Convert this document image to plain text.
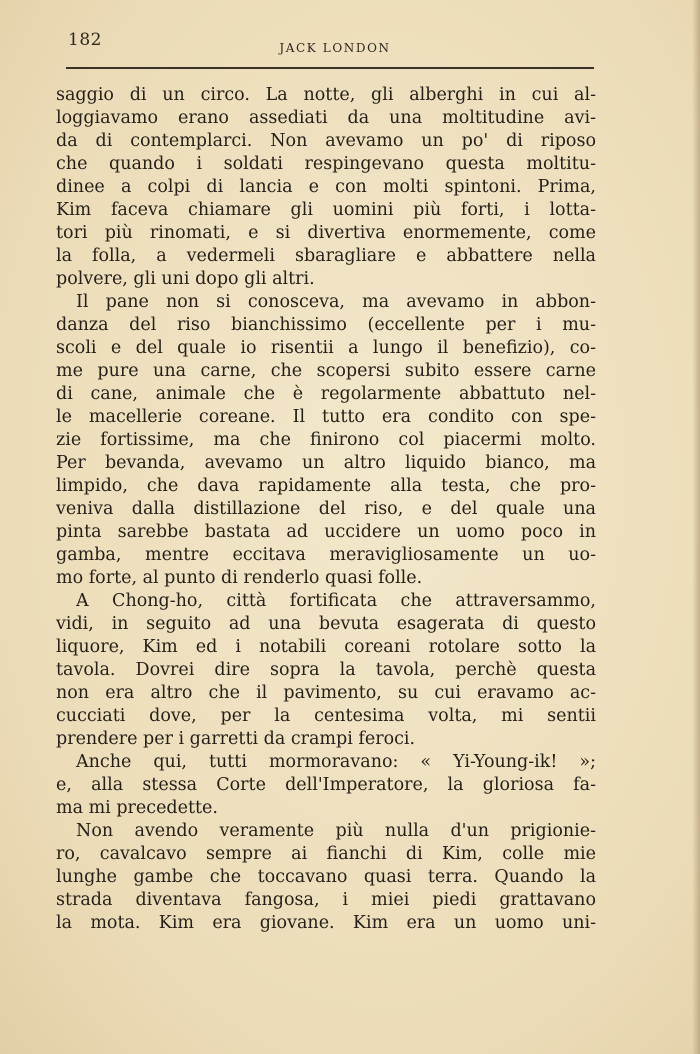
182	JACK LONDON
saggio di un circo. La notte, gli alberghi in cui al-
loggiavamo erano assediati da una moltitudine avi-
da di contemplarci. Non avevamo un po' di riposo
che quando i soldati respingevano questa moltitu-
dinee a colpi di lancia e con molti spintoni. Prima,
Kim faceva chiamare gli uomini più forti, i lotta-
tori più rinomati, e si divertiva enormemente, come
la folla, a vedermeli sbaragliare e abbattere nella
polvere, gli uni dopo gli altri.
Il pane non si conosceva, ma avevamo in abbon-
danza del riso bianchissimo (eccellente per i mu-
scoli e del quale io risentii a lungo il benefizio), co-
me pure una carne, che scopersi subito essere carne
di cane, animale che è regolarmente abbattuto nel-
le macellerie coreane. Il tutto era condito con spe-
zie fortissime, ma che finirono col piacermi molto.
Per bevanda, avevamo un altro liquido bianco, ma
limpido, che dava rapidamente alla testa, che pro-
veniva dalla distillazione del riso, e del quale una
pinta sarebbe bastata ad uccidere un uomo poco in
gamba, mentre eccitava meravigliosamente un uo-
mo forte, al punto di renderlo quasi folle.
A Chong-ho, città fortificata che attraversammo,
vidi, in seguito ad una bevuta esagerata di questo
liquore, Kim ed i notabili coreani rotolare sotto la
tavola. Dovrei dire sopra la tavola, perchè questa
non era altro che il pavimento, su cui eravamo ac-
cucciati dove, per la centesima volta, mi sentii
prendere per i garretti da crampi feroci.
Anche qui, tutti mormoravano: « Yi-Young-ik! »;
e, alla stessa Corte dell'Imperatore, la gloriosa fa-
ma mi precedette.
Non avendo veramente più nulla d'un prigionie-
ro, cavalcavo sempre ai fianchi di Kim, colle mie
lunghe gambe che toccavano quasi terra. Quando la
strada diventava fangosa, i miei piedi grattavano
la mota. Kim era giovane. Kim era un uomo uni-
